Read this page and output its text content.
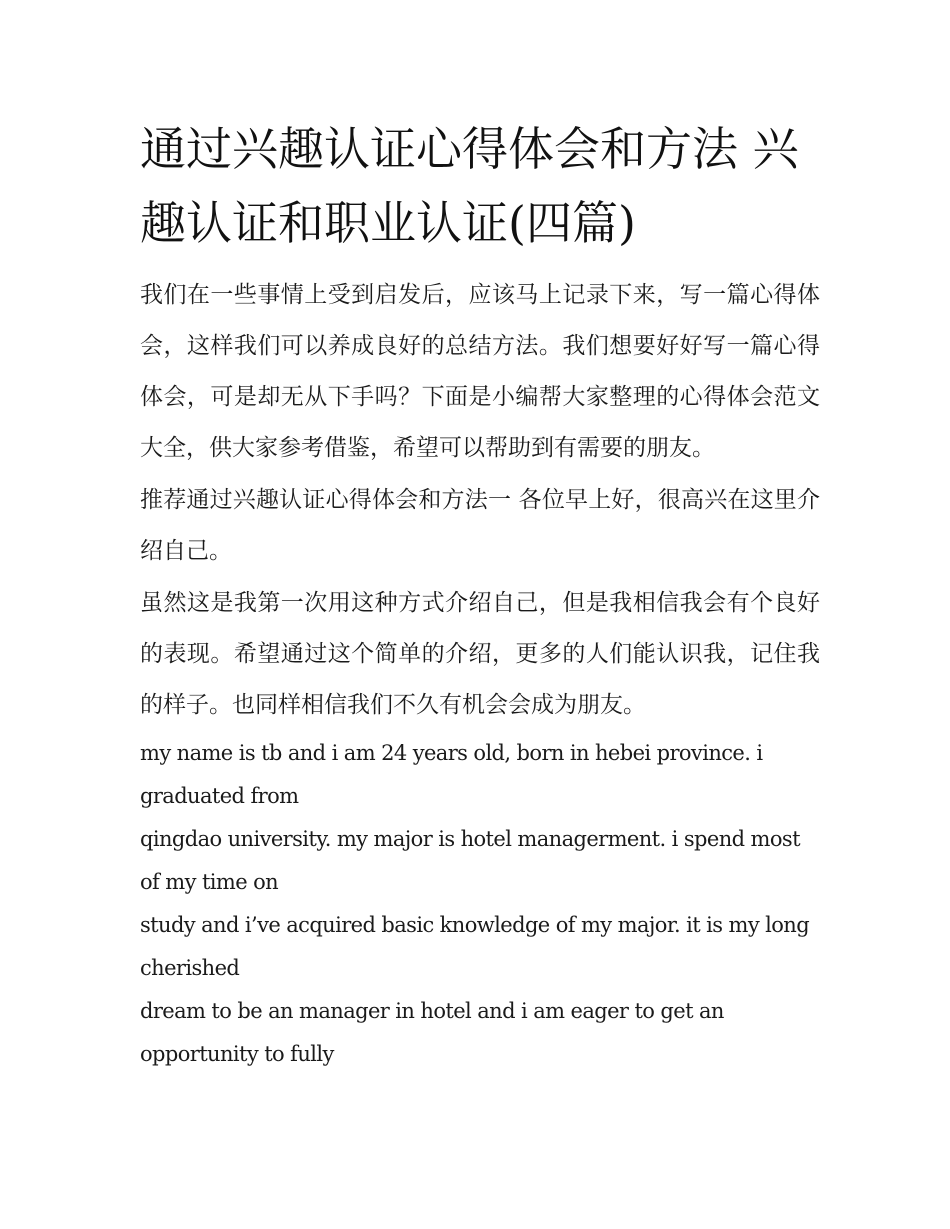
通过兴趣认证心得体会和方法 兴趣认证和职业认证(四篇)

我们在一些事情上受到启发后，应该马上记录下来，写一篇心得体会，这样我们可以养成良好的总结方法。我们想要好好写一篇心得体会，可是却无从下手吗？下面是小编帮大家整理的心得体会范文大全，供大家参考借鉴，希望可以帮助到有需要的朋友。

推荐通过兴趣认证心得体会和方法一 各位早上好，很高兴在这里介绍自己。

虽然这是我第一次用这种方式介绍自己，但是我相信我会有个良好的表现。希望通过这个简单的介绍，更多的人们能认识我，记住我的样子。也同样相信我们不久有机会会成为朋友。

my name is tb and i am 24 years old, born in hebei province. i graduated from

qingdao university. my major is hotel managerment. i spend most of my time on

study and i’ve acquired basic knowledge of my major. it is my long cherished

dream to be an manager in hotel and i am eager to get an opportunity to fully
